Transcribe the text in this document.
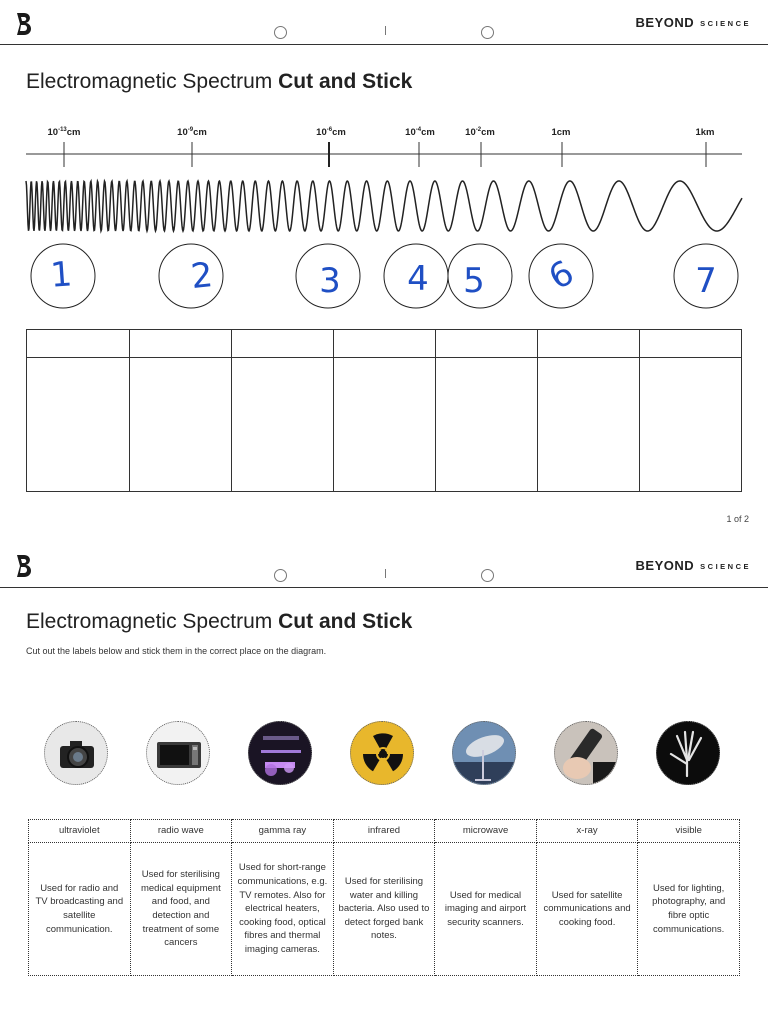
BEYOND SCIENCE
Electromagnetic Spectrum Cut and Stick
$10^{-13}cm$	$10^{-9}cm$	$10^{-6}cm$	$10^{-4}cm$	$10^{-2}cm$	1cm	1km
1	2	3 4 5 6	7
1 of 2
BEYOND SCIENCE
Electromagnetic Spectrum Cut and Stick
Cut out the labels below and stick them in the correct place on the diagram.
ultraviolet	radio wave	gamma ray	infrared	microwave	x-ray	visible
Used for radio and TV broadcasting and satellite communication.	Used for sterilising medical equipment and food, and detection and treatment of some cancers	Used for short-range communications, e.g. TV remotes. Also for electrical heaters, cooking food, optical fibres and thermal imaging cameras.	Used for sterilising water and killing bacteria. Also used to detect forged bank notes.	Used for medical imaging and airport security scanners.	Used for satellite communications and cooking food.	Used for lighting, photography, and fibre optic communications.
